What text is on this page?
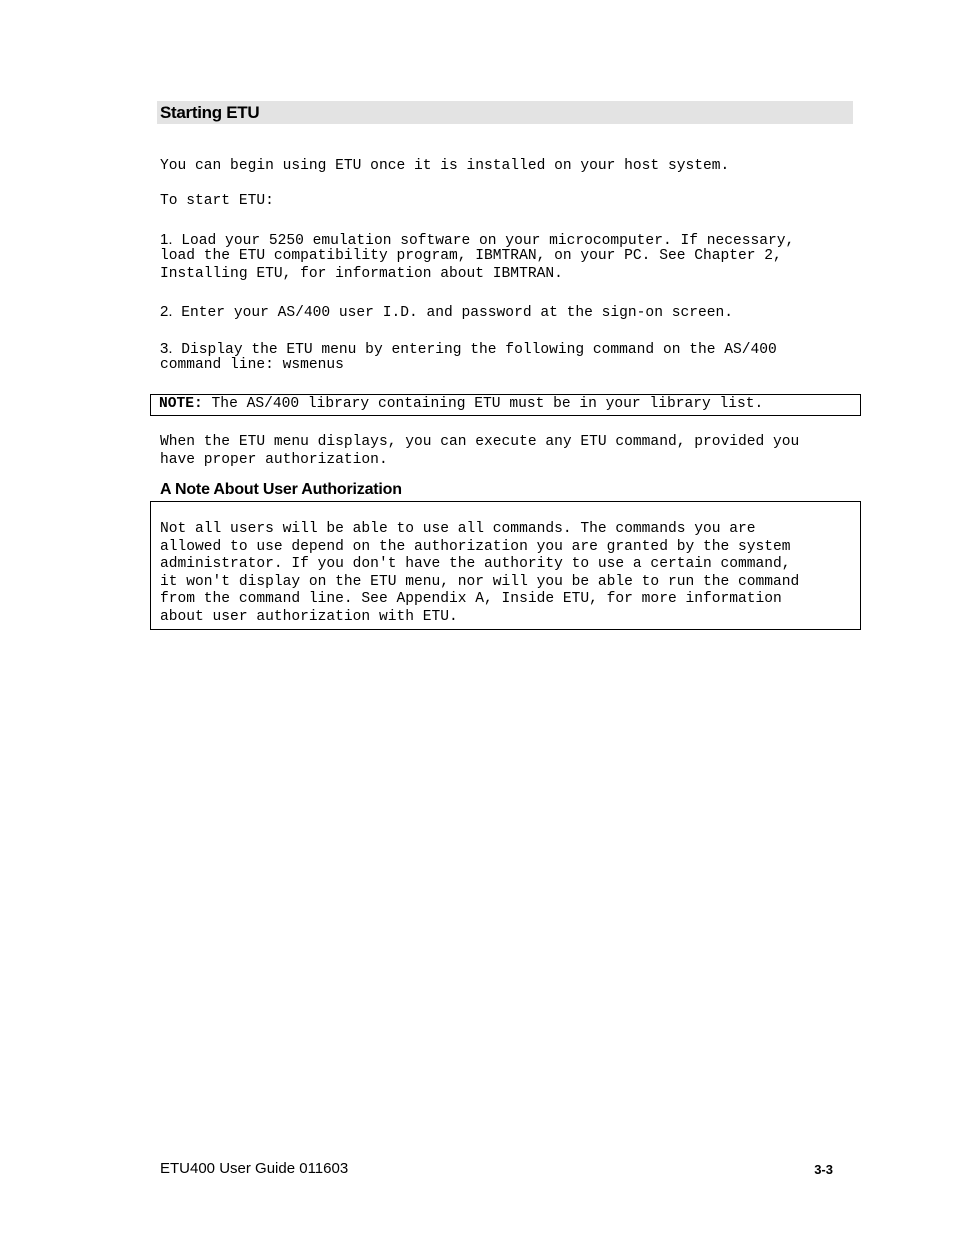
Starting ETU
You can begin using ETU once it is installed on your host system.
To start ETU:
1. Load your 5250 emulation software on your microcomputer. If necessary,
load the ETU compatibility program, IBMTRAN, on your PC. See Chapter 2,
Installing ETU, for information about IBMTRAN.
2. Enter your AS/400 user I.D. and password at the sign-on screen.
3. Display the ETU menu by entering the following command on the AS/400
command line: wsmenus
NOTE: The AS/400 library containing ETU must be in your library list.
When the ETU menu displays, you can execute any ETU command, provided you
have proper authorization.
A Note About User Authorization
Not all users will be able to use all commands. The commands you are
allowed to use depend on the authorization you are granted by the system
administrator. If you don't have the authority to use a certain command,
it won't display on the ETU menu, nor will you be able to run the command
from the command line. See Appendix A, Inside ETU, for more information
about user authorization with ETU.
ETU400 User Guide 011603	3-3
